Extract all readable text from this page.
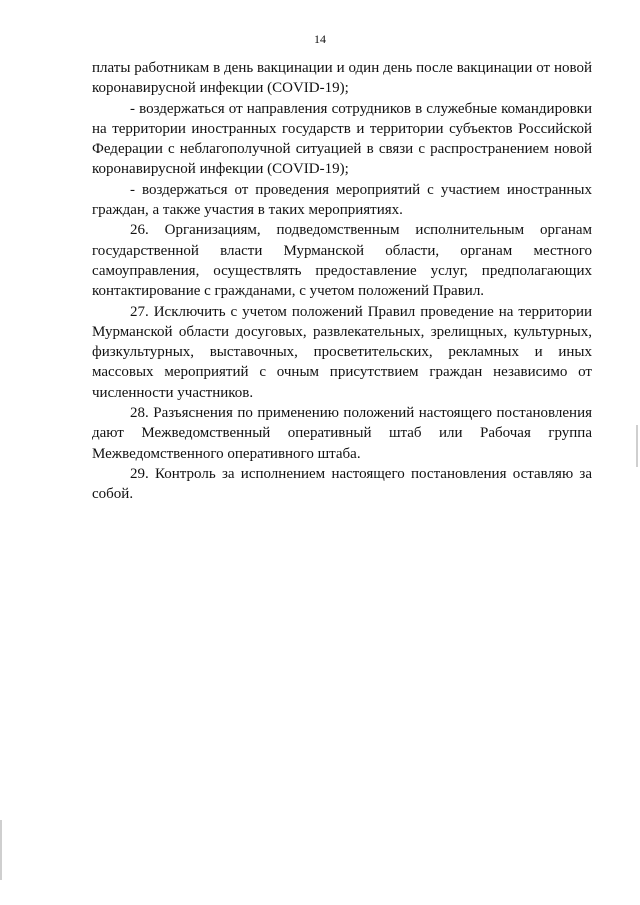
14

платы работникам в день вакцинации и один день после вакцинации от новой коронавирусной инфекции (COVID-19);

- воздержаться от направления сотрудников в служебные командировки на территории иностранных государств и территории субъектов Российской Федерации с неблагополучной ситуацией в связи с распространением новой коронавирусной инфекции (COVID-19);

- воздержаться от проведения мероприятий с участием иностранных граждан, а также участия в таких мероприятиях.

26. Организациям, подведомственным исполнительным органам государственной власти Мурманской области, органам местного самоуправления, осуществлять предоставление услуг, предполагающих контактирование с гражданами, с учетом положений Правил.

27. Исключить с учетом положений Правил проведение на территории Мурманской области досуговых, развлекательных, зрелищных, культурных, физкультурных, выставочных, просветительских, рекламных и иных массовых мероприятий с очным присутствием граждан независимо от численности участников.

28. Разъяснения по применению положений настоящего постановления дают Межведомственный оперативный штаб или Рабочая группа Межведомственного оперативного штаба.

29. Контроль за исполнением настоящего постановления оставляю за собой.
